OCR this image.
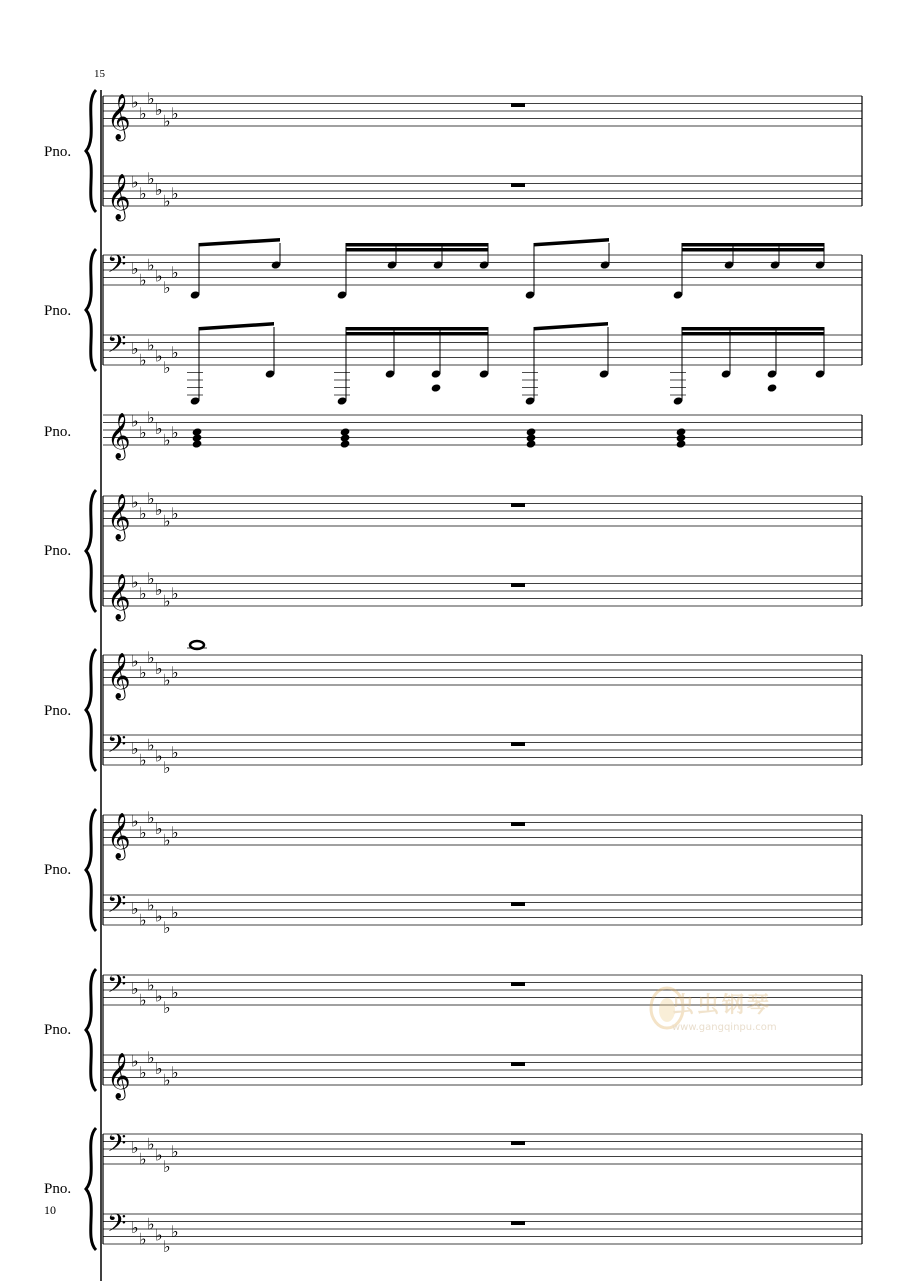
15
10
Pno.
Pno.
Pno.
Pno.
Pno.
Pno.
Pno.
Pno.
𝄞
𝄞
♭
♭
♭
♭
♭ ♭
♭
♭
♭
♭
♭ ♭
𝄢
𝄢
♭
♭
♭
♭
♭
♭
♭
♭
♭
♭
♭
♭
𝄞 ♭
♭
♭
♭
♭ ♭
𝄞
𝄞
♭
♭
♭
♭
♭ ♭
♭
♭
♭
♭
♭ ♭
𝄞
𝄢
♭
♭
♭
♭
♭ ♭
♭
♭
♭
♭
♭
♭
𝄞
𝄢
♭
♭
♭
♭
♭ ♭
♭
♭
♭
♭
♭
♭
𝄢
𝄞
♭
♭
♭
♭
♭
♭
♭
♭
♭
♭
♭ ♭
𝄢
𝄢
♭
♭
♭
♭
♭
♭
♭
♭
♭
♭
♭
♭
虫虫钢琴
www.gangqinpu.com
